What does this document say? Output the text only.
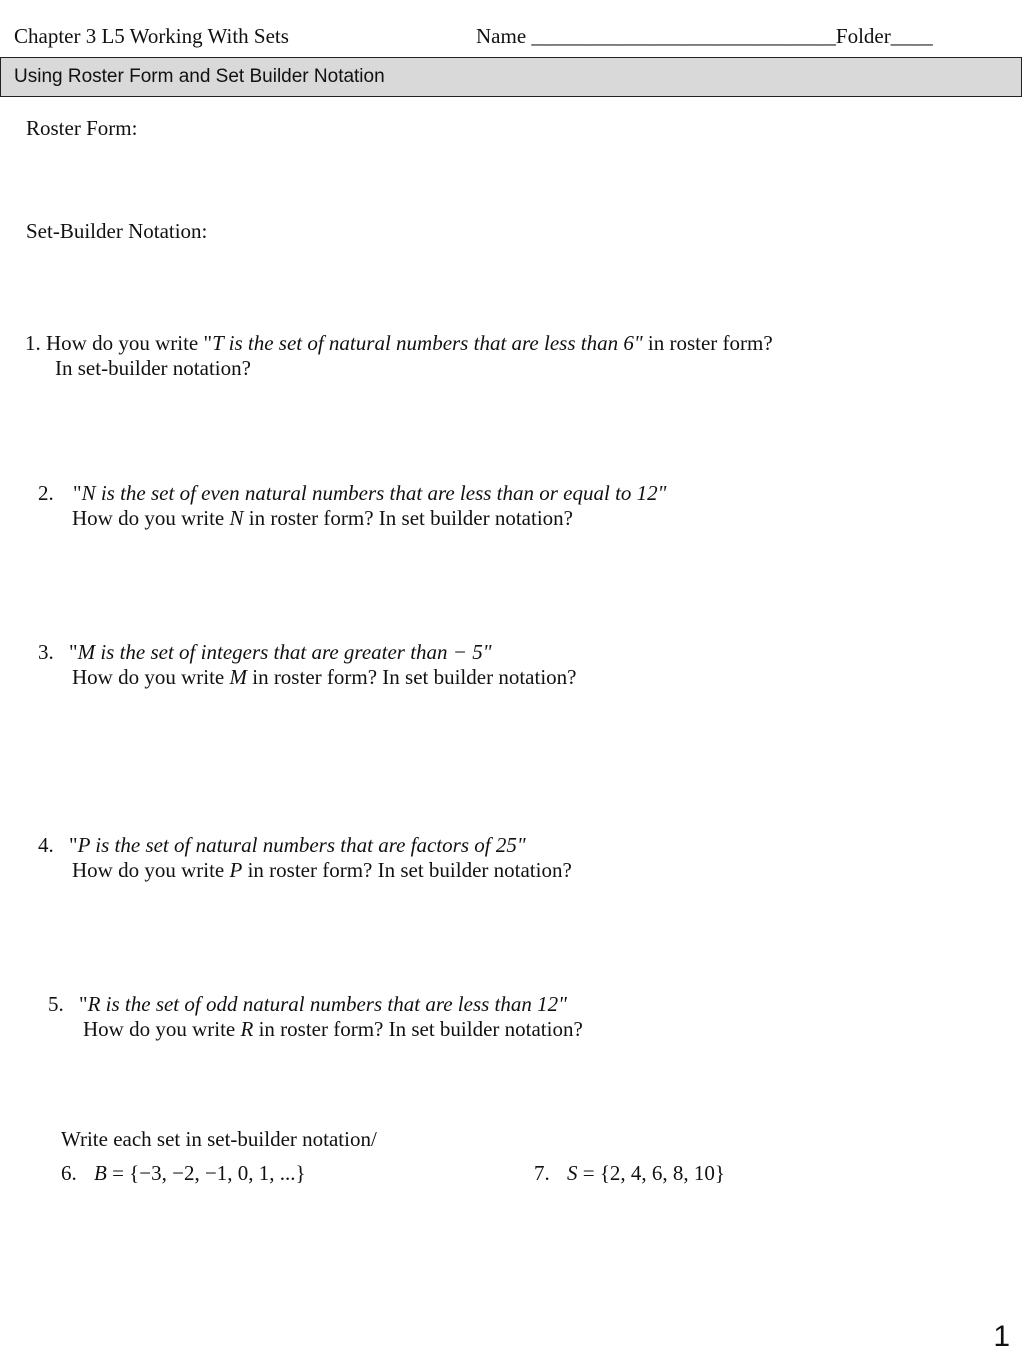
Chapter 3 L5 Working With Sets	Name _____________________________Folder____
Using Roster Form and Set Builder Notation
Roster Form:
Set-Builder Notation:
1. How do you write "T is the set of natural numbers that are less than 6" in roster form?
In set-builder notation?
2. "N is the set of even natural numbers that are less than or equal to 12"
How do you write N in roster form? In set builder notation?
3. "M is the set of integers that are greater than − 5"
How do you write M in roster form? In set builder notation?
4. "P is the set of natural numbers that are factors of 25"
How do you write P in roster form? In set builder notation?
5. "R is the set of odd natural numbers that are less than 12"
How do you write R in roster form? In set builder notation?
Write each set in set-builder notation/
6. B = {−3, −2, −1, 0, 1, ...}	7. S = {2, 4, 6, 8, 10}
1
